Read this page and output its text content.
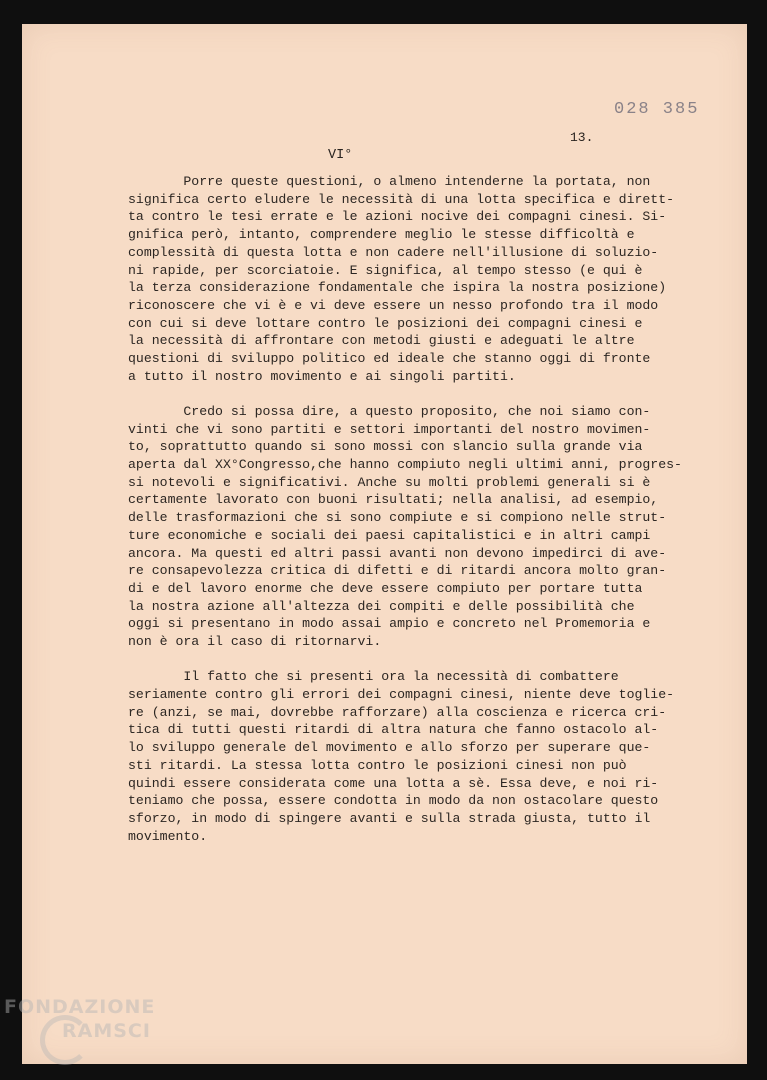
028 385
13.
VI°
Porre queste questioni, o almeno intenderne la portata, non
significa certo eludere le necessità di una lotta specifica e dirett-
ta contro le tesi errate e le azioni nocive dei compagni cinesi. Si-
gnifica però, intanto, comprendere meglio le stesse difficoltà e
complessità di questa lotta e non cadere nell'illusione di soluzio-
ni rapide, per scorciatoie. E significa, al tempo stesso (e qui è
la terza considerazione fondamentale che ispira la nostra posizione)
riconoscere che vi è e vi deve essere un nesso profondo tra il modo
con cui si deve lottare contro le posizioni dei compagni cinesi e
la necessità di affrontare con metodi giusti e adeguati le altre
questioni di sviluppo politico ed ideale che stanno oggi di fronte
a tutto il nostro movimento e ai singoli partiti.
Credo si possa dire, a questo proposito, che noi siamo con-
vinti che vi sono partiti e settori importanti del nostro movimen-
to, soprattutto quando si sono mossi con slancio sulla grande via
aperta dal XX°Congresso,che hanno compiuto negli ultimi anni, progres-
si notevoli e significativi. Anche su molti problemi generali si è
certamente lavorato con buoni risultati; nella analisi, ad esempio,
delle trasformazioni che si sono compiute e si compiono nelle strut-
ture economiche e sociali dei paesi capitalistici e in altri campi
ancora. Ma questi ed altri passi avanti non devono impedirci di ave-
re consapevolezza critica di difetti e di ritardi ancora molto gran-
di e del lavoro enorme che deve essere compiuto per portare tutta
la nostra azione all'altezza dei compiti e delle possibilità che
oggi si presentano in modo assai ampio e concreto nel Promemoria e
non è ora il caso di ritornarvi.
Il fatto che si presenti ora la necessità di combattere
seriamente contro gli errori dei compagni cinesi, niente deve toglie-
re (anzi, se mai, dovrebbe rafforzare) alla coscienza e ricerca cri-
tica di tutti questi ritardi di altra natura che fanno ostacolo al-
lo sviluppo generale del movimento e allo sforzo per superare que-
sti ritardi. La stessa lotta contro le posizioni cinesi non può
quindi essere considerata come una lotta a sè. Essa deve, e noi ri-
teniamo che possa, essere condotta in modo da non ostacolare questo
sforzo, in modo di spingere avanti e sulla strada giusta, tutto il
movimento.
FONDAZIONE
RAMSCI
